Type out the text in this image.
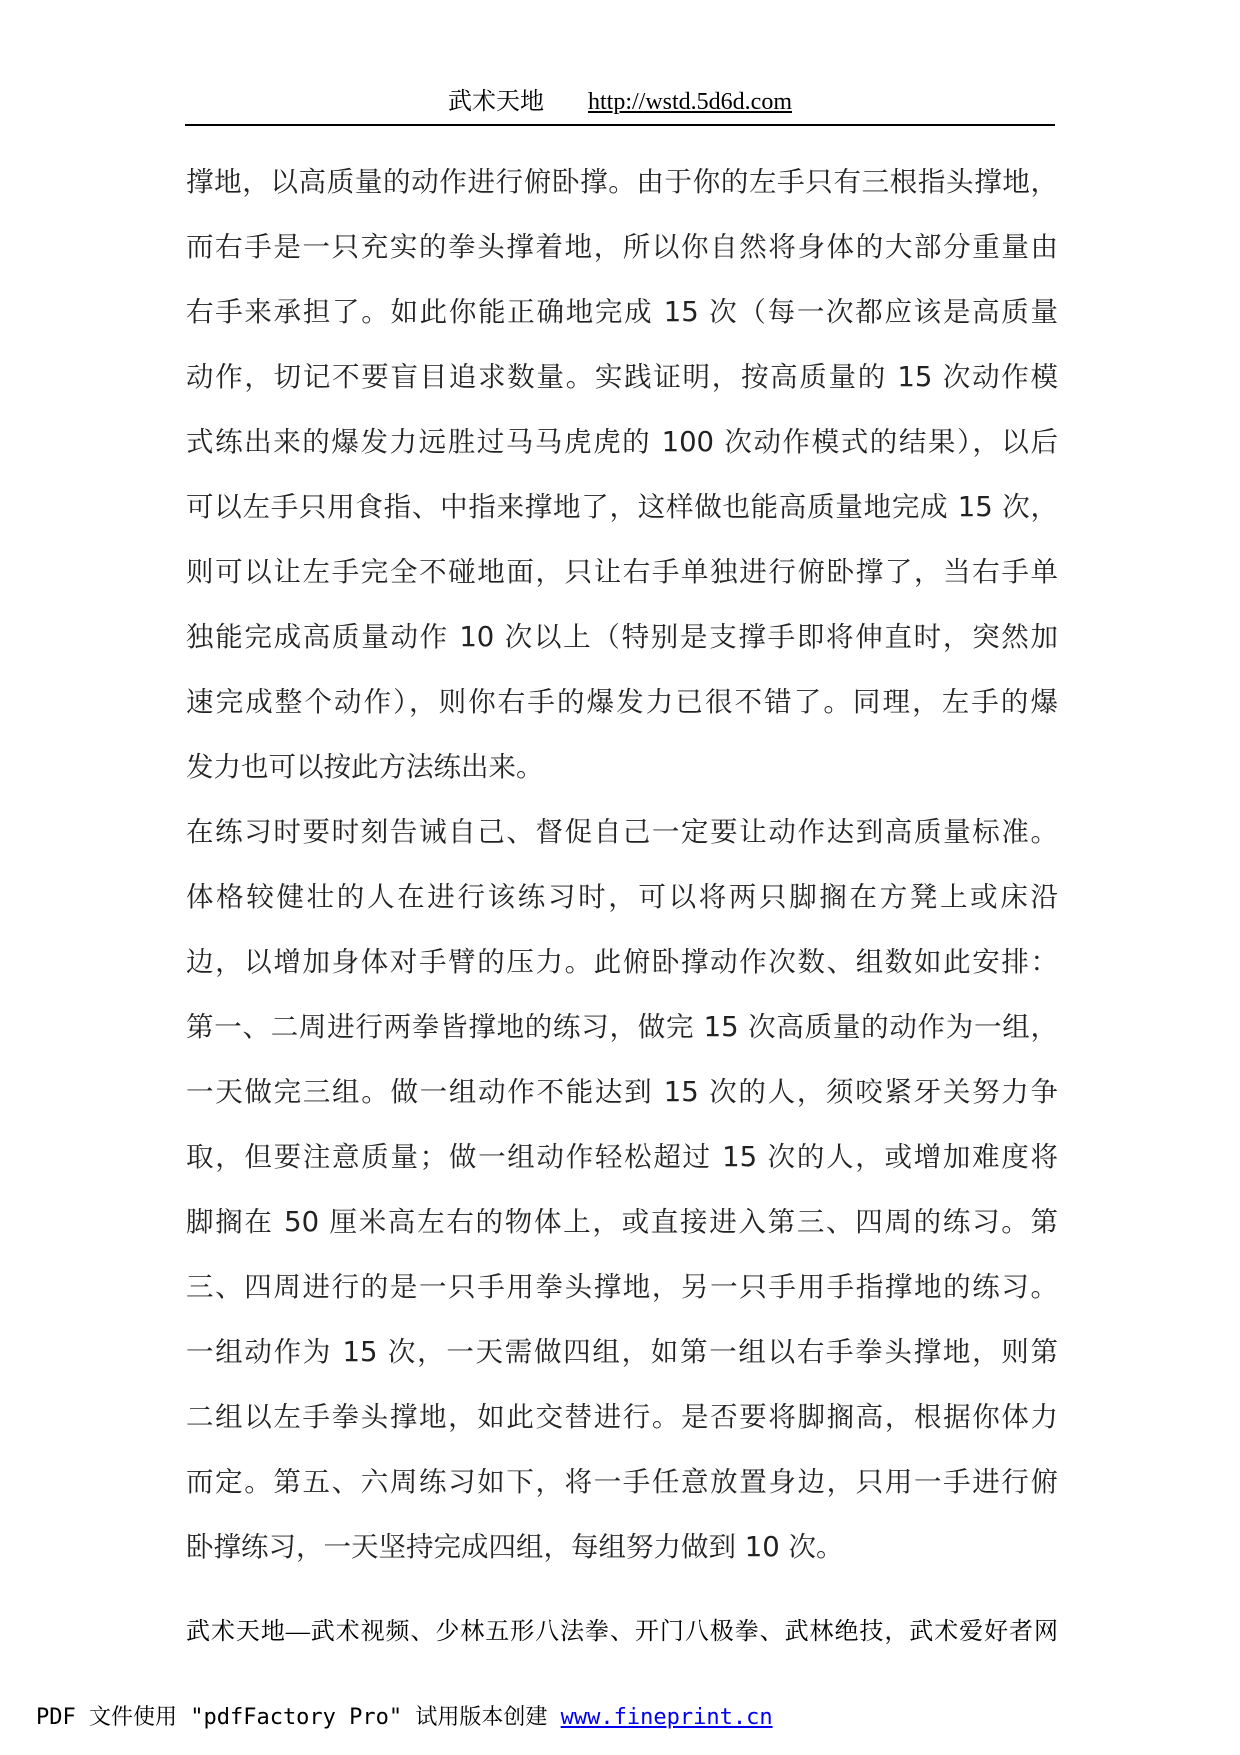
武术天地 http://wstd.5d6d.com
撑地，以高质量的动作进行俯卧撑。由于你的左手只有三根指头撑地，
而右手是一只充实的拳头撑着地，所以你自然将身体的大部分重量由
右手来承担了。如此你能正确地完成 15 次（每一次都应该是高质量
动作，切记不要盲目追求数量。实践证明，按高质量的 15 次动作模
式练出来的爆发力远胜过马马虎虎的 100 次动作模式的结果），以后
可以左手只用食指、中指来撑地了，这样做也能高质量地完成 15 次，
则可以让左手完全不碰地面，只让右手单独进行俯卧撑了，当右手单
独能完成高质量动作 10 次以上（特别是支撑手即将伸直时，突然加
速完成整个动作），则你右手的爆发力已很不错了。同理，左手的爆
发力也可以按此方法练出来。
在练习时要时刻告诫自己、督促自己一定要让动作达到高质量标准。
体格较健壮的人在进行该练习时，可以将两只脚搁在方凳上或床沿
边，以增加身体对手臂的压力。此俯卧撑动作次数、组数如此安排：
第一、二周进行两拳皆撑地的练习，做完 15 次高质量的动作为一组，
一天做完三组。做一组动作不能达到 15 次的人，须咬紧牙关努力争
取，但要注意质量；做一组动作轻松超过 15 次的人，或增加难度将
脚搁在 50 厘米高左右的物体上，或直接进入第三、四周的练习。第
三、四周进行的是一只手用拳头撑地，另一只手用手指撑地的练习。
一组动作为 15 次，一天需做四组，如第一组以右手拳头撑地，则第
二组以左手拳头撑地，如此交替进行。是否要将脚搁高，根据你体力
而定。第五、六周练习如下，将一手任意放置身边，只用一手进行俯
卧撑练习，一天坚持完成四组，每组努力做到 10 次。
武术天地—武术视频、少林五形八法拳、开门八极拳、武林绝技，武术爱好者网
PDF 文件使用 "pdfFactory Pro" 试用版本创建 www.fineprint.cn
